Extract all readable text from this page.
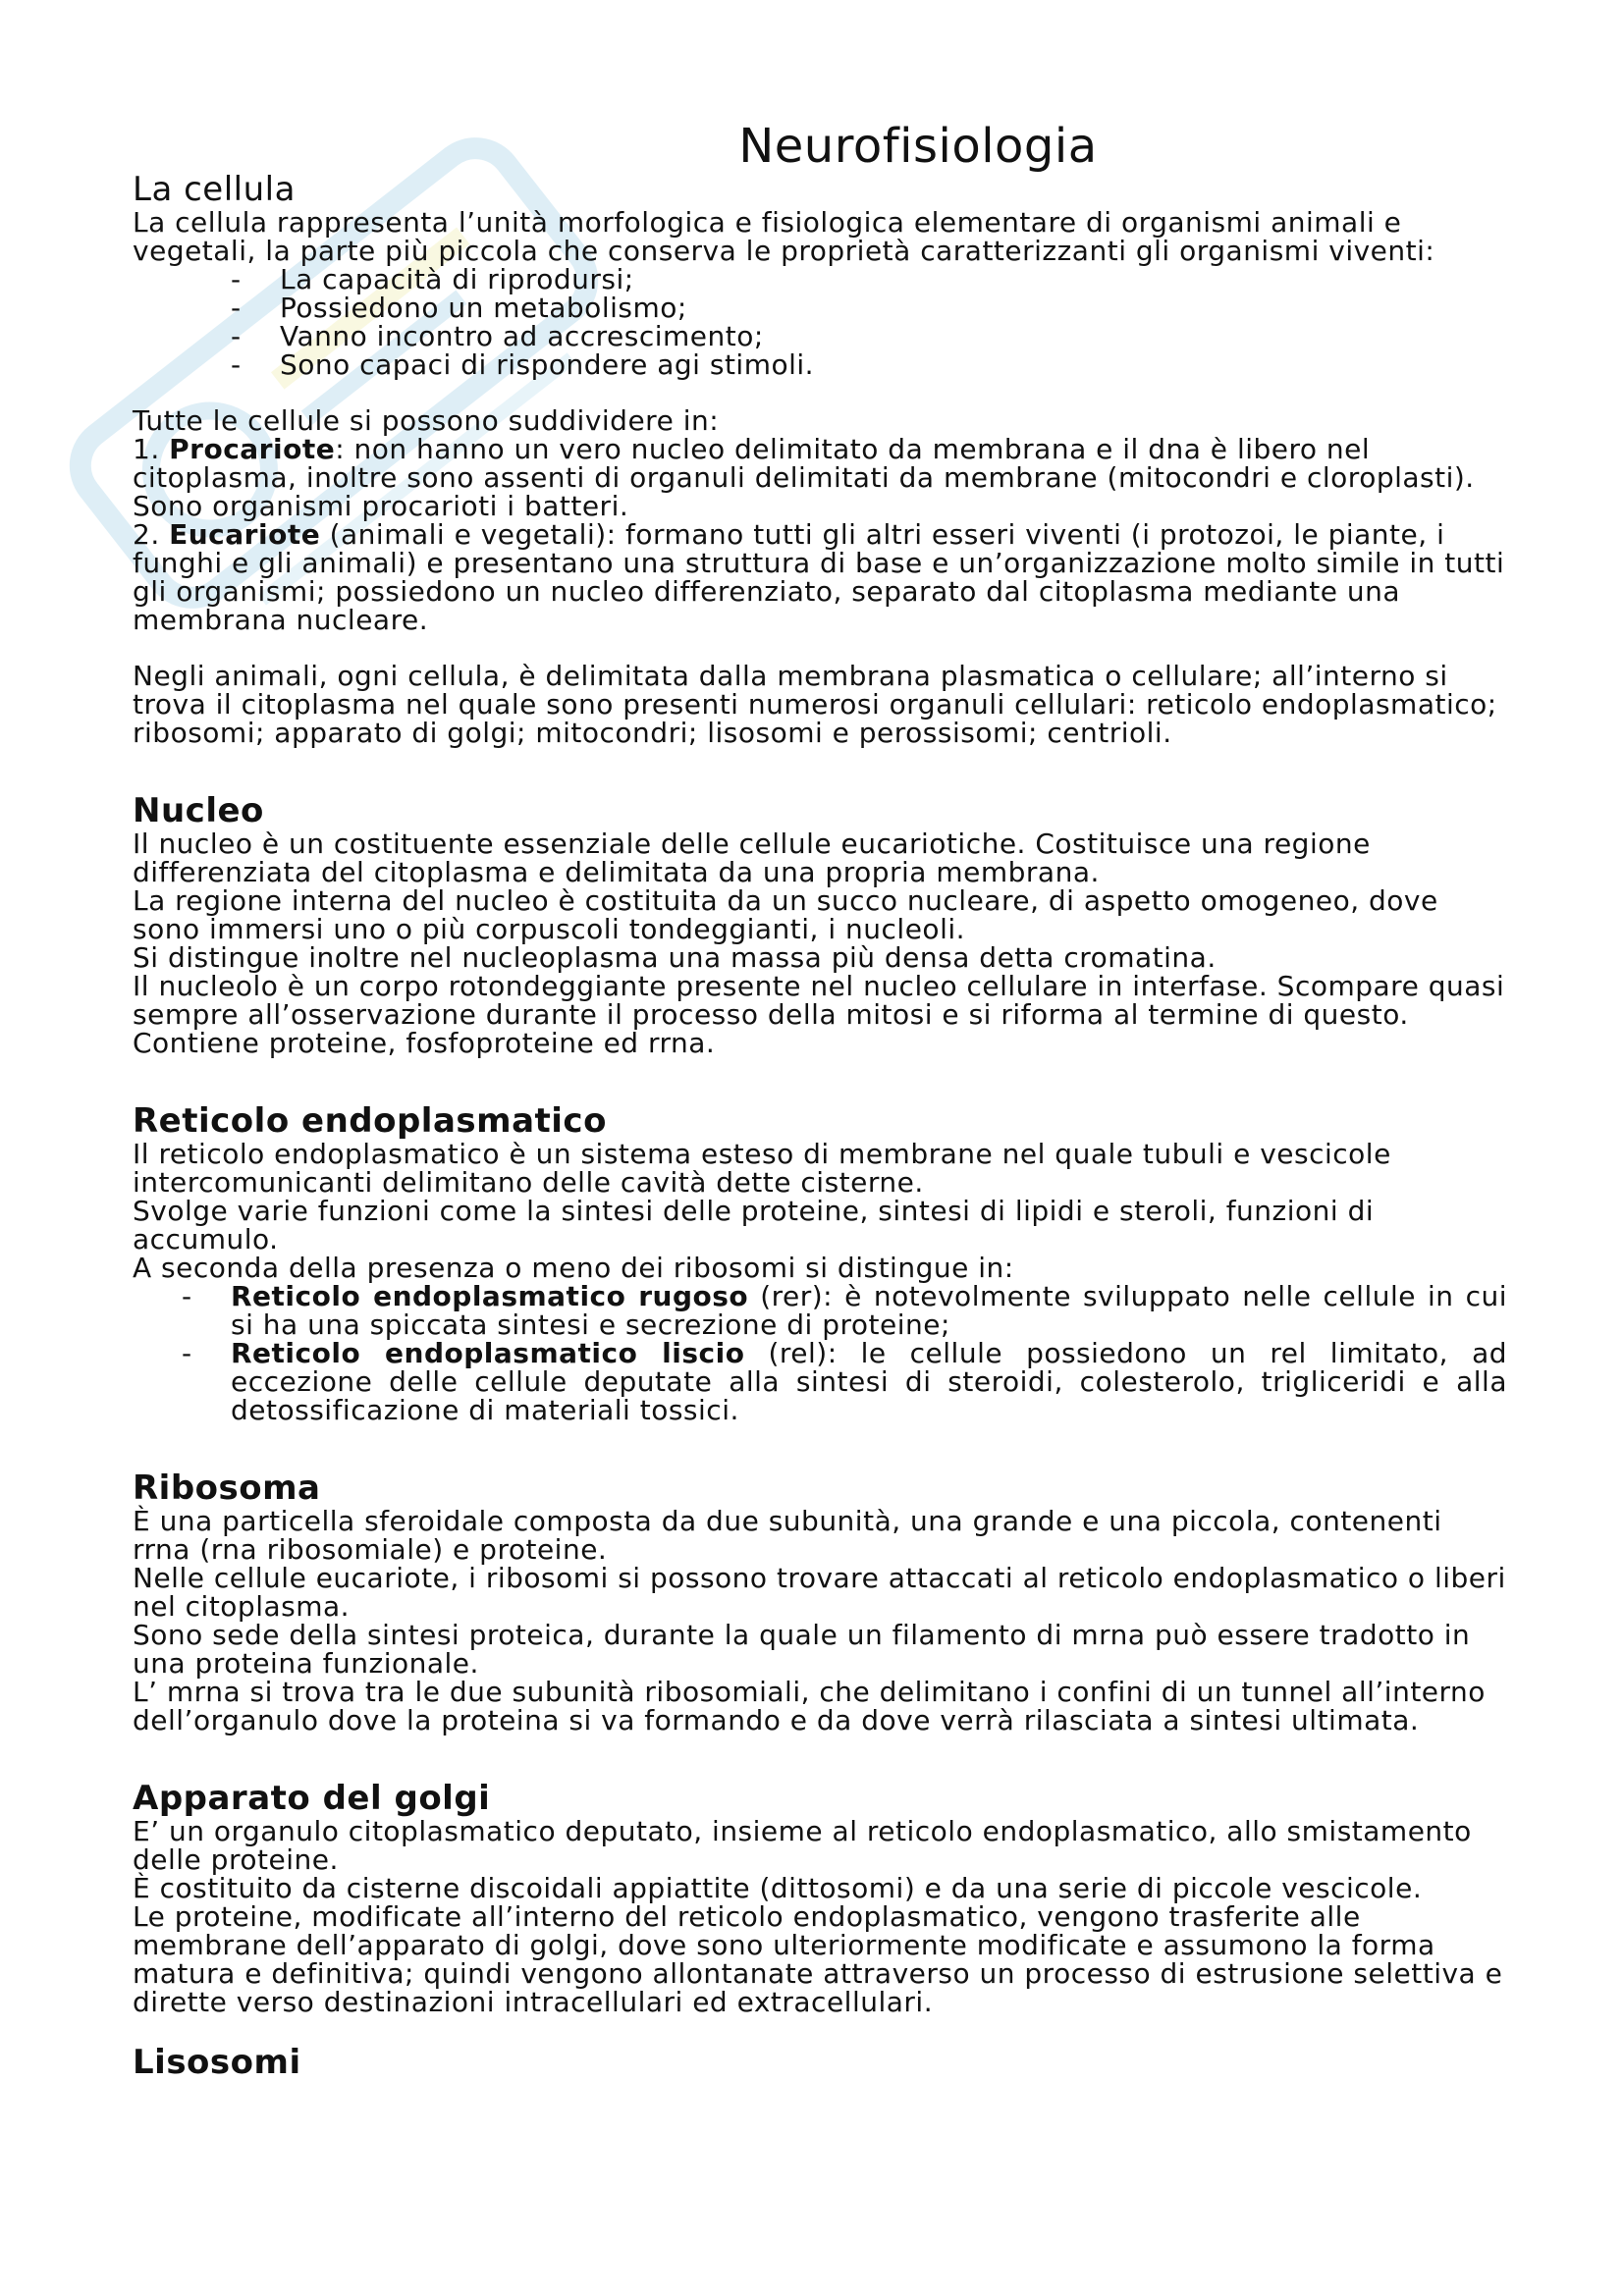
Neurofisiologia
La cellula

La cellula rappresenta l’unità morfologica e fisiologica elementare di organismi animali e vegetali, la parte più piccola che conserva le proprietà caratterizzanti gli organismi viventi:

- La capacità di riprodursi;
- Possiedono un metabolismo;
- Vanno incontro ad accrescimento;
- Sono capaci di rispondere agi stimoli.

Tutte le cellule si possono suddividere in:

1. Procariote: non hanno un vero nucleo delimitato da membrana e il dna è libero nel citoplasma, inoltre sono assenti di organuli delimitati da membrane (mitocondri e cloroplasti). Sono organismi procarioti i batteri.

2. Eucariote (animali e vegetali): formano tutti gli altri esseri viventi (i protozoi, le piante, i funghi e gli animali) e presentano una struttura di base e un’organizzazione molto simile in tutti gli organismi; possiedono un nucleo differenziato, separato dal citoplasma mediante una membrana nucleare.

Negli animali, ogni cellula, è delimitata dalla membrana plasmatica o cellulare; all’interno si trova il citoplasma nel quale sono presenti numerosi organuli cellulari: reticolo endoplasmatico; ribosomi; apparato di golgi; mitocondri; lisosomi e perossisomi; centrioli.

Nucleo

Il nucleo è un costituente essenziale delle cellule eucariotiche. Costituisce una regione differenziata del citoplasma e delimitata da una propria membrana.

La regione interna del nucleo è costituita da un succo nucleare, di aspetto omogeneo, dove sono immersi uno o più corpuscoli tondeggianti, i nucleoli.

Si distingue inoltre nel nucleoplasma una massa più densa detta cromatina.

Il nucleolo è un corpo rotondeggiante presente nel nucleo cellulare in interfase. Scompare quasi sempre all’osservazione durante il processo della mitosi e si riforma al termine di questo. Contiene proteine, fosfoproteine ed rrna.

Reticolo endoplasmatico

Il reticolo endoplasmatico è un sistema esteso di membrane nel quale tubuli e vescicole intercomunicanti delimitano delle cavità dette cisterne.

Svolge varie funzioni come la sintesi delle proteine, sintesi di lipidi e steroli, funzioni di accumulo.

A seconda della presenza o meno dei ribosomi si distingue in:

- Reticolo endoplasmatico rugoso (rer): è notevolmente sviluppato nelle cellule in cui si ha una spiccata sintesi e secrezione di proteine;
- Reticolo endoplasmatico liscio (rel): le cellule possiedono un rel limitato, ad eccezione delle cellule deputate alla sintesi di steroidi, colesterolo, trigliceridi e alla detossificazione di materiali tossici.
Ribosoma

È una particella sferoidale composta da due subunità, una grande e una piccola, contenenti rrna (rna ribosomiale) e proteine.

Nelle cellule eucariote, i ribosomi si possono trovare attaccati al reticolo endoplasmatico o liberi nel citoplasma.

Sono sede della sintesi proteica, durante la quale un filamento di mrna può essere tradotto in una proteina funzionale.

L’ mrna si trova tra le due subunità ribosomiali, che delimitano i confini di un tunnel all’interno dell’organulo dove la proteina si va formando e da dove verrà rilasciata a sintesi ultimata.

Apparato del golgi

E’ un organulo citoplasmatico deputato, insieme al reticolo endoplasmatico, allo smistamento delle proteine.

È costituito da cisterne discoidali appiattite (dittosomi) e da una serie di piccole vescicole.

Le proteine, modificate all’interno del reticolo endoplasmatico, vengono trasferite alle membrane dell’apparato di golgi, dove sono ulteriormente modificate e assumono la forma matura e definitiva; quindi vengono allontanate attraverso un processo di estrusione selettiva e dirette verso destinazioni intracellulari ed extracellulari.

Lisosomi
